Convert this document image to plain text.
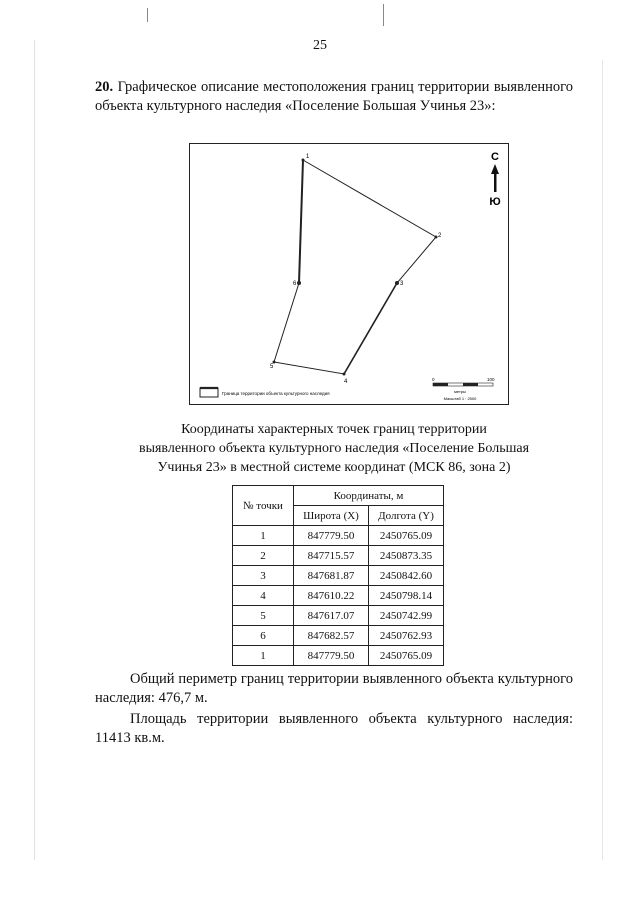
25
20. Графическое описание местоположения границ территории выявленного объекта культурного наследия «Поселение Большая Учинья 23»:
1
2
3
4
5
6
С
Ю
Граница территории объекта культурного наследия
0	100
метры
Масштаб 1 : 2500
Координаты характерных точек границ территории
выявленного объекта культурного наследия «Поселение Большая
Учинья 23» в местной системе координат (МСК 86, зона 2)
№ точки	Координаты, м	
	Широта (X)	Долгота (Y)
1	847779.50	2450765.09
2	847715.57	2450873.35
3	847681.87	2450842.60
4	847610.22	2450798.14
5	847617.07	2450742.99
6	847682.57	2450762.93
1	847779.50	2450765.09
Общий периметр границ территории выявленного объекта культурного наследия: 476,7 м.
Площадь территории выявленного объекта культурного наследия: 11413 кв.м.
